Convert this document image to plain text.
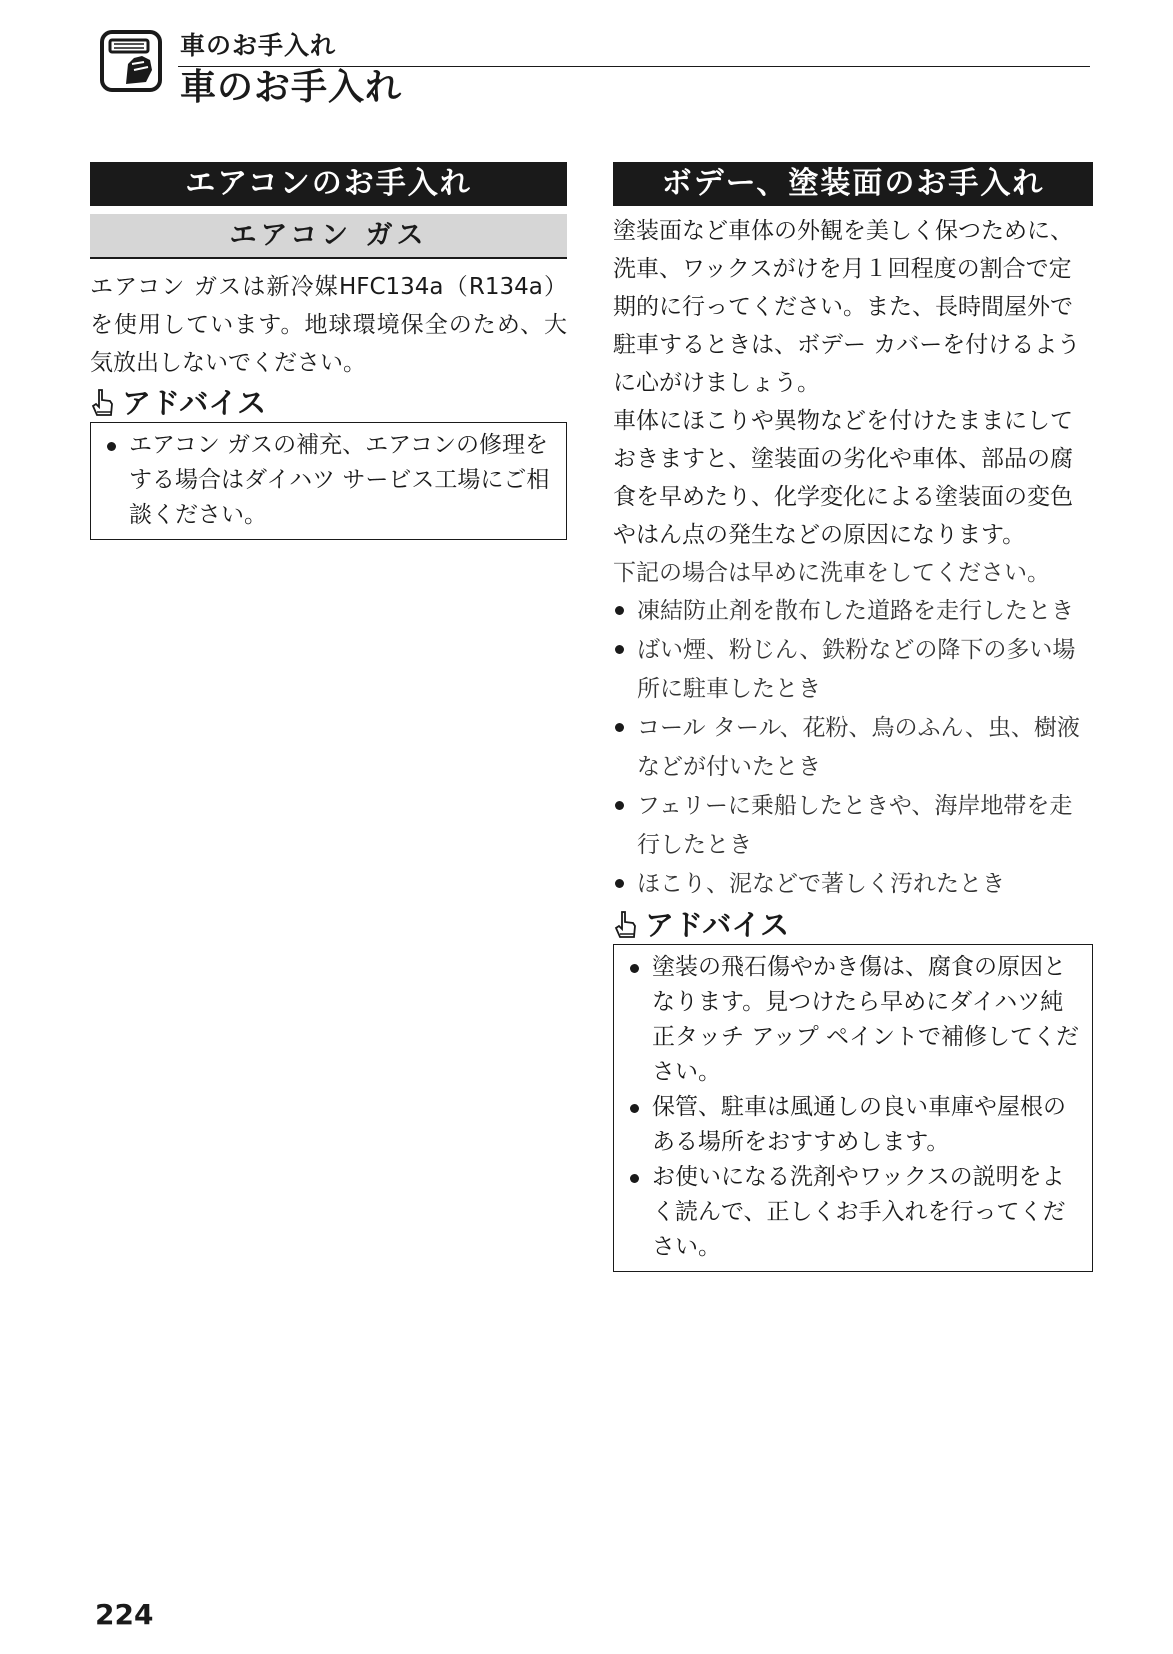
車のお手入れ
車のお手入れ
エアコンのお手入れ
エアコン ガス

エアコン ガスは新冷媒HFC134a（R134a）を使用しています。地球環境保全のため、大気放出しないでください。

アドバイス
エアコン ガスの補充、エアコンの修理をする場合はダイハツ サービス工場にご相談ください。
ボデー、塗装面のお手入れ

塗装面など車体の外観を美しく保つために、洗車、ワックスがけを月１回程度の割合で定期的に行ってください。また、長時間屋外で駐車するときは、ボデー カバーを付けるように心がけましょう。

車体にほこりや異物などを付けたままにしておきますと、塗装面の劣化や車体、部品の腐食を早めたり、化学変化による塗装面の変色やはん点の発生などの原因になります。

下記の場合は早めに洗車をしてください。

凍結防止剤を散布した道路を走行したとき
ばい煙、粉じん、鉄粉などの降下の多い場所に駐車したとき
コール タール、花粉、鳥のふん、虫、樹液などが付いたとき
フェリーに乗船したときや、海岸地帯を走行したとき
ほこり、泥などで著しく汚れたとき
アドバイス
塗装の飛石傷やかき傷は、腐食の原因となります。見つけたら早めにダイハツ純正タッチ アップ ペイントで補修してください。
保管、駐車は風通しの良い車庫や屋根のある場所をおすすめします。
お使いになる洗剤やワックスの説明をよく読んで、正しくお手入れを行ってください。
224
